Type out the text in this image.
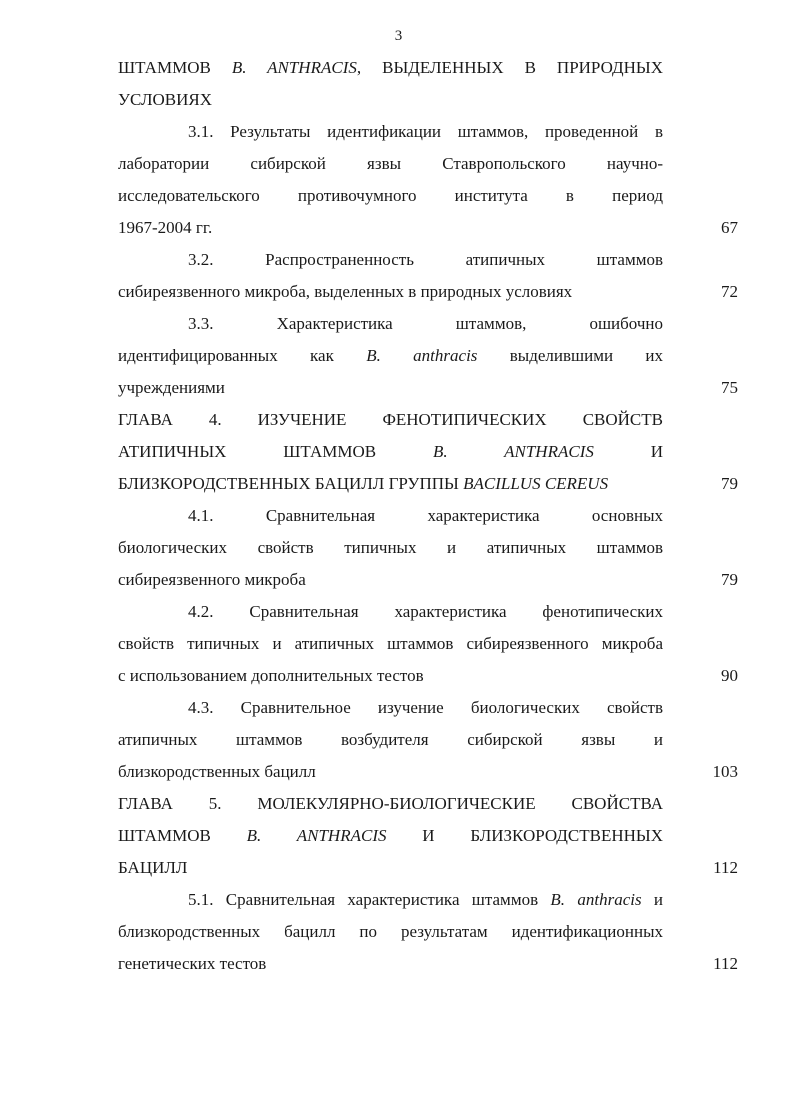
3
ШТАММОВ B. ANTHRACIS, ВЫДЕЛЕННЫХ В ПРИРОДНЫХ
УСЛОВИЯХ
3.1. Результаты идентификации штаммов, проведенной в
лаборатории сибирской язвы Ставропольского научно-
исследовательского противочумного института в период
1967-2004 гг.	67
3.2. Распространенность атипичных штаммов
сибиреязвенного микроба, выделенных в природных условиях	72
3.3. Характеристика штаммов, ошибочно
идентифицированных как B. anthracis выделившими их
учреждениями	75
ГЛАВА 4. ИЗУЧЕНИЕ ФЕНОТИПИЧЕСКИХ СВОЙСТВ
АТИПИЧНЫХ ШТАММОВ B. ANTHRACIS И
БЛИЗКОРОДСТВЕННЫХ БАЦИЛЛ ГРУППЫ BACILLUS CEREUS	79
4.1. Сравнительная характеристика основных
биологических свойств типичных и атипичных штаммов
сибиреязвенного микроба	79
4.2. Сравнительная характеристика фенотипических
свойств типичных и атипичных штаммов сибиреязвенного микроба
с использованием дополнительных тестов	90
4.3. Сравнительное изучение биологических свойств
атипичных штаммов возбудителя сибирской язвы и
близкородственных бацилл	103
ГЛАВА 5. МОЛЕКУЛЯРНО-БИОЛОГИЧЕСКИЕ СВОЙСТВА
ШТАММОВ B. ANTHRACIS И БЛИЗКОРОДСТВЕННЫХ
БАЦИЛЛ	112
5.1. Сравнительная характеристика штаммов B. anthracis и
близкородственных бацилл по результатам идентификационных
генетических тестов	112
